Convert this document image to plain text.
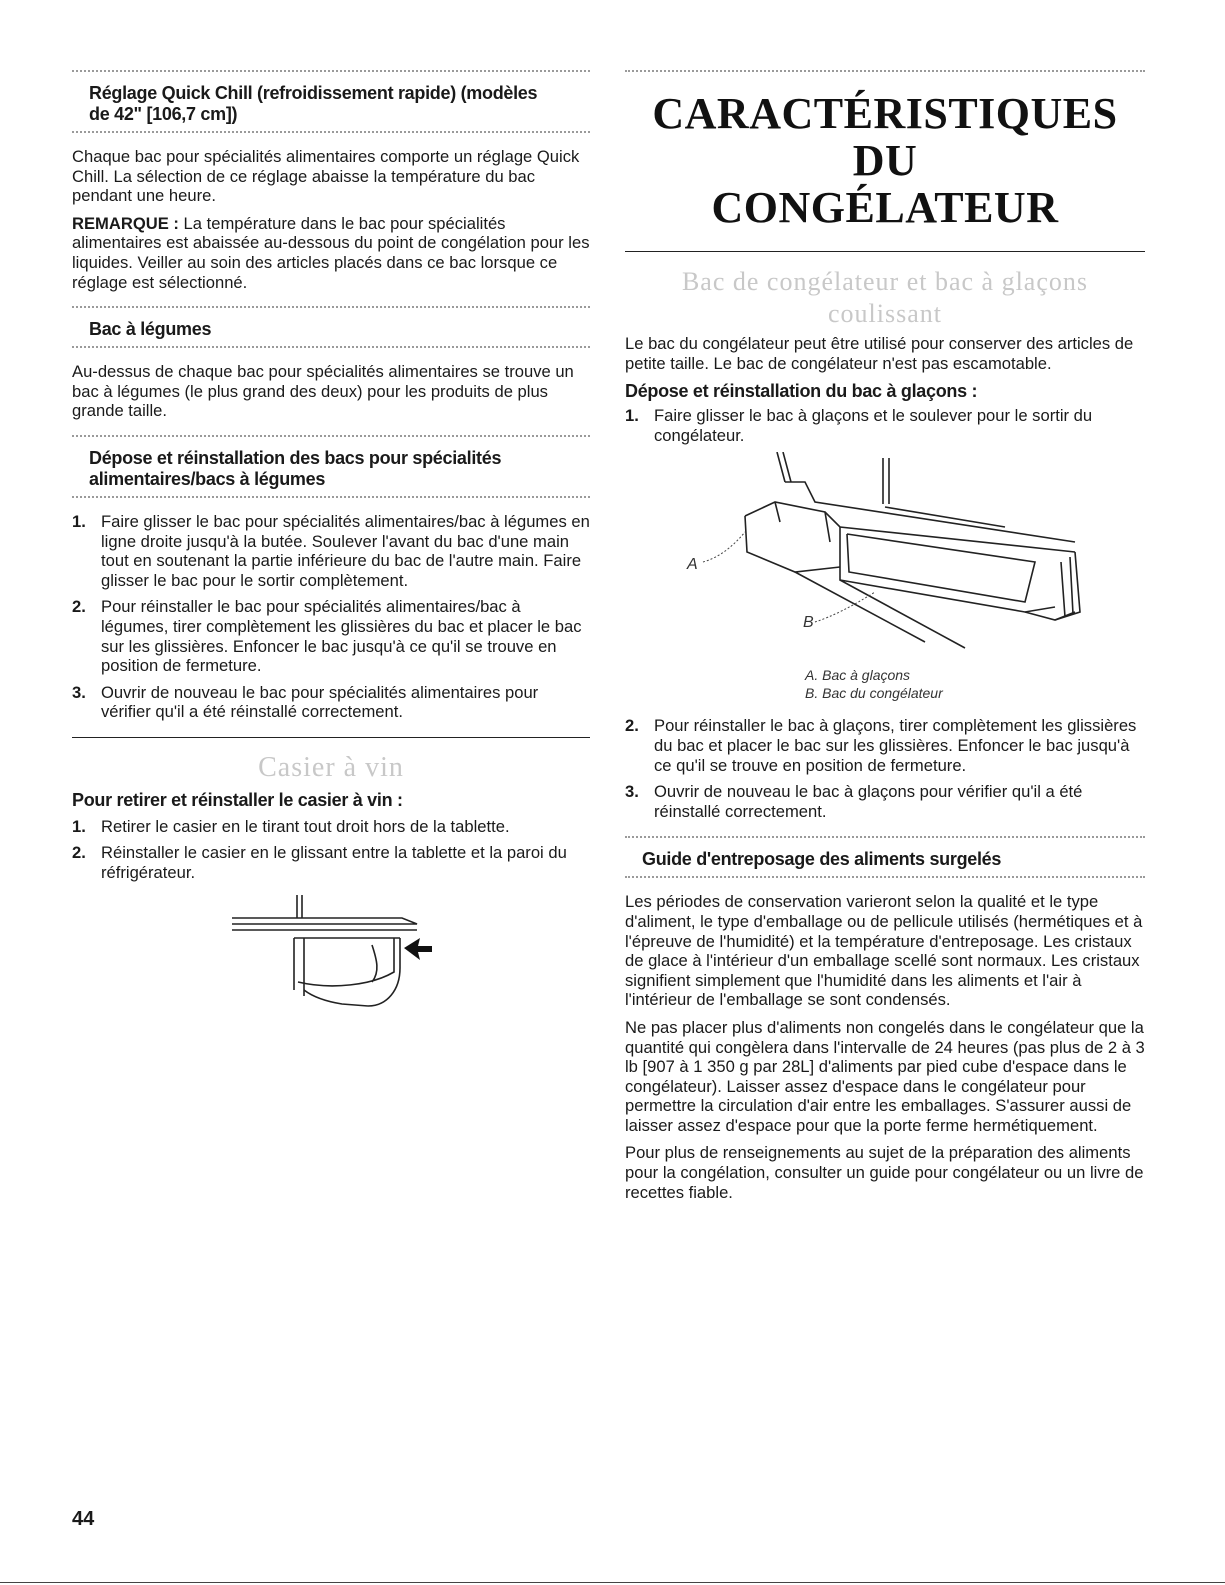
Réglage Quick Chill (refroidissement rapide) (modèles
de 42" [106,7 cm])

Chaque bac pour spécialités alimentaires comporte un réglage Quick Chill. La sélection de ce réglage abaisse la température du bac pendant une heure.

REMARQUE : La température dans le bac pour spécialités alimentaires est abaissée au-dessous du point de congélation pour les liquides. Veiller au soin des articles placés dans ce bac lorsque ce réglage est sélectionné.

Bac à légumes

Au-dessus de chaque bac pour spécialités alimentaires se trouve un bac à légumes (le plus grand des deux) pour les produits de plus grande taille.

Dépose et réinstallation des bacs pour spécialités
alimentaires/bacs à légumes
1. Faire glisser le bac pour spécialités alimentaires/bac à légumes en ligne droite jusqu'à la butée. Soulever l'avant du bac d'une main tout en soutenant la partie inférieure du bac de l'autre main. Faire glisser le bac pour le sortir complètement.
2. Pour réinstaller le bac pour spécialités alimentaires/bac à légumes, tirer complètement les glissières du bac et placer le bac sur les glissières. Enfoncer le bac jusqu'à ce qu'il se trouve en position de fermeture.
3. Ouvrir de nouveau le bac pour spécialités alimentaires pour vérifier qu'il a été réinstallé correctement.
Casier à vin
Pour retirer et réinstaller le casier à vin :
1. Retirer le casier en le tirant tout droit hors de la tablette.
2. Réinstaller le casier en le glissant entre la tablette et la paroi du réfrigérateur.
CARACTÉRISTIQUES DU
CONGÉLATEUR
Bac de congélateur et bac à glaçons coulissant

Le bac du congélateur peut être utilisé pour conserver des articles de petite taille. Le bac de congélateur n'est pas escamotable.

Dépose et réinstallation du bac à glaçons :
1. Faire glisser le bac à glaçons et le soulever pour le sortir du congélateur.
A
B
A. Bac à glaçons
B. Bac du congélateur
2. Pour réinstaller le bac à glaçons, tirer complètement les glissières du bac et placer le bac sur les glissières. Enfoncer le bac jusqu'à ce qu'il se trouve en position de fermeture.
3. Ouvrir de nouveau le bac à glaçons pour vérifier qu'il a été réinstallé correctement.
Guide d'entreposage des aliments surgelés

Les périodes de conservation varieront selon la qualité et le type d'aliment, le type d'emballage ou de pellicule utilisés (hermétiques et à l'épreuve de l'humidité) et la température d'entreposage. Les cristaux de glace à l'intérieur d'un emballage scellé sont normaux. Les cristaux signifient simplement que l'humidité dans les aliments et l'air à l'intérieur de l'emballage se sont condensés.

Ne pas placer plus d'aliments non congelés dans le congélateur que la quantité qui congèlera dans l'intervalle de 24 heures (pas plus de 2 à 3 lb [907 à 1 350 g par 28L] d'aliments par pied cube d'espace dans le congélateur). Laisser assez d'espace dans le congélateur pour permettre la circulation d'air entre les emballages. S'assurer aussi de laisser assez d'espace pour que la porte ferme hermétiquement.

Pour plus de renseignements au sujet de la préparation des aliments pour la congélation, consulter un guide pour congélateur ou un livre de recettes fiable.

44
